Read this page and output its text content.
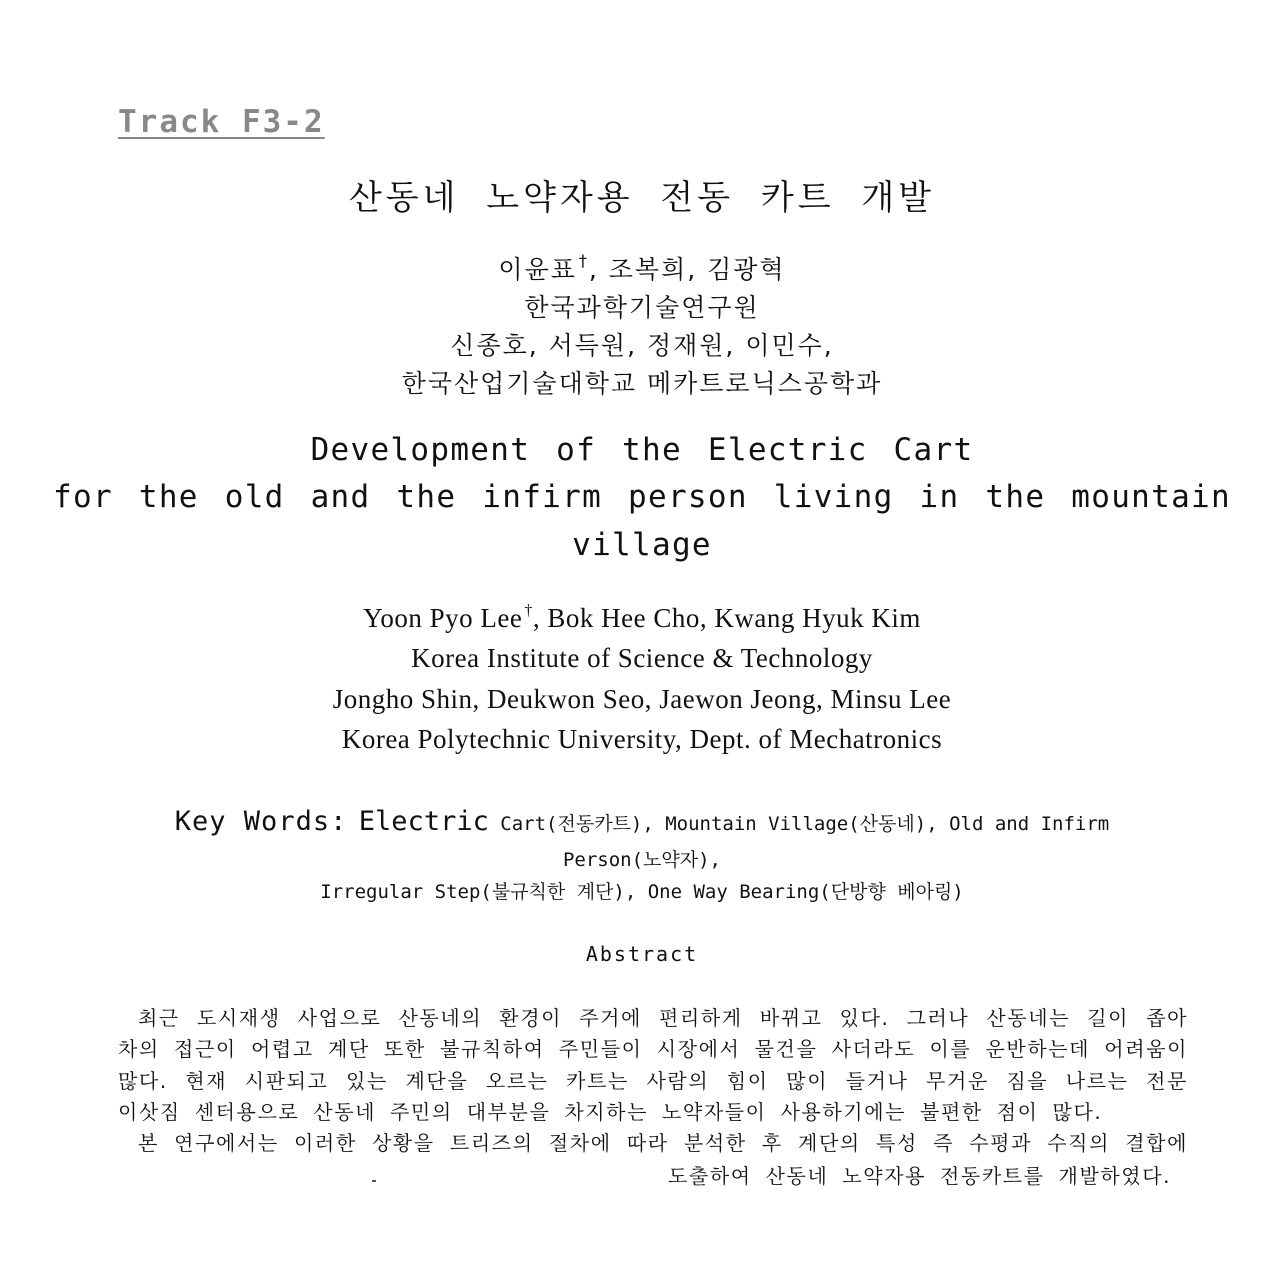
Track F3-2
산동네 노약자용 전동 카트 개발
이윤표 †, 조복희, 김광혁
한국과학기술연구원
신종호, 서득원, 정재원, 이민수,
한국산업기술대학교 메카트로닉스공학과
Development of the Electric Cart
for the old and the infirm person living in the mountain
village
Yoon Pyo Lee †, Bok Hee Cho, Kwang Hyuk Kim
Korea Institute of Science & Technology
Jongho Shin, Deukwon Seo, Jaewon Jeong, Minsu Lee
Korea Polytechnic University, Dept. of Mechatronics
Key Words: Electric Cart(전동카트), Mountain Village(산동네), Old and Infirm
Person(노약자),
Irregular Step(불규칙한 계단), One Way Bearing(단방향 베아링)
Abstract
최근 도시재생 사업으로 산동네의 환경이 주거에 편리하게 바뀌고 있다. 그러나 산동네는 길이 좁아
차의 접근이 어렵고 계단 또한 불규칙하여 주민들이 시장에서 물건을 사더라도 이를 운반하는데 어려움이
많다. 현재 시판되고 있는 계단을 오르는 카트는 사람의 힘이 많이 들거나 무거운 짐을 나르는 전문
이삿짐 센터용으로 산동네 주민의 대부분을 차지하는 노약자들이 사용하기에는 불편한 점이 많다.
본 연구에서는 이러한 상황을 트리즈의 절차에 따라 분석한 후 계단의 특성 즉 수평과 수직의 결합에
도출하여 산동네 노약자용 전동카트를 개발하였다.
